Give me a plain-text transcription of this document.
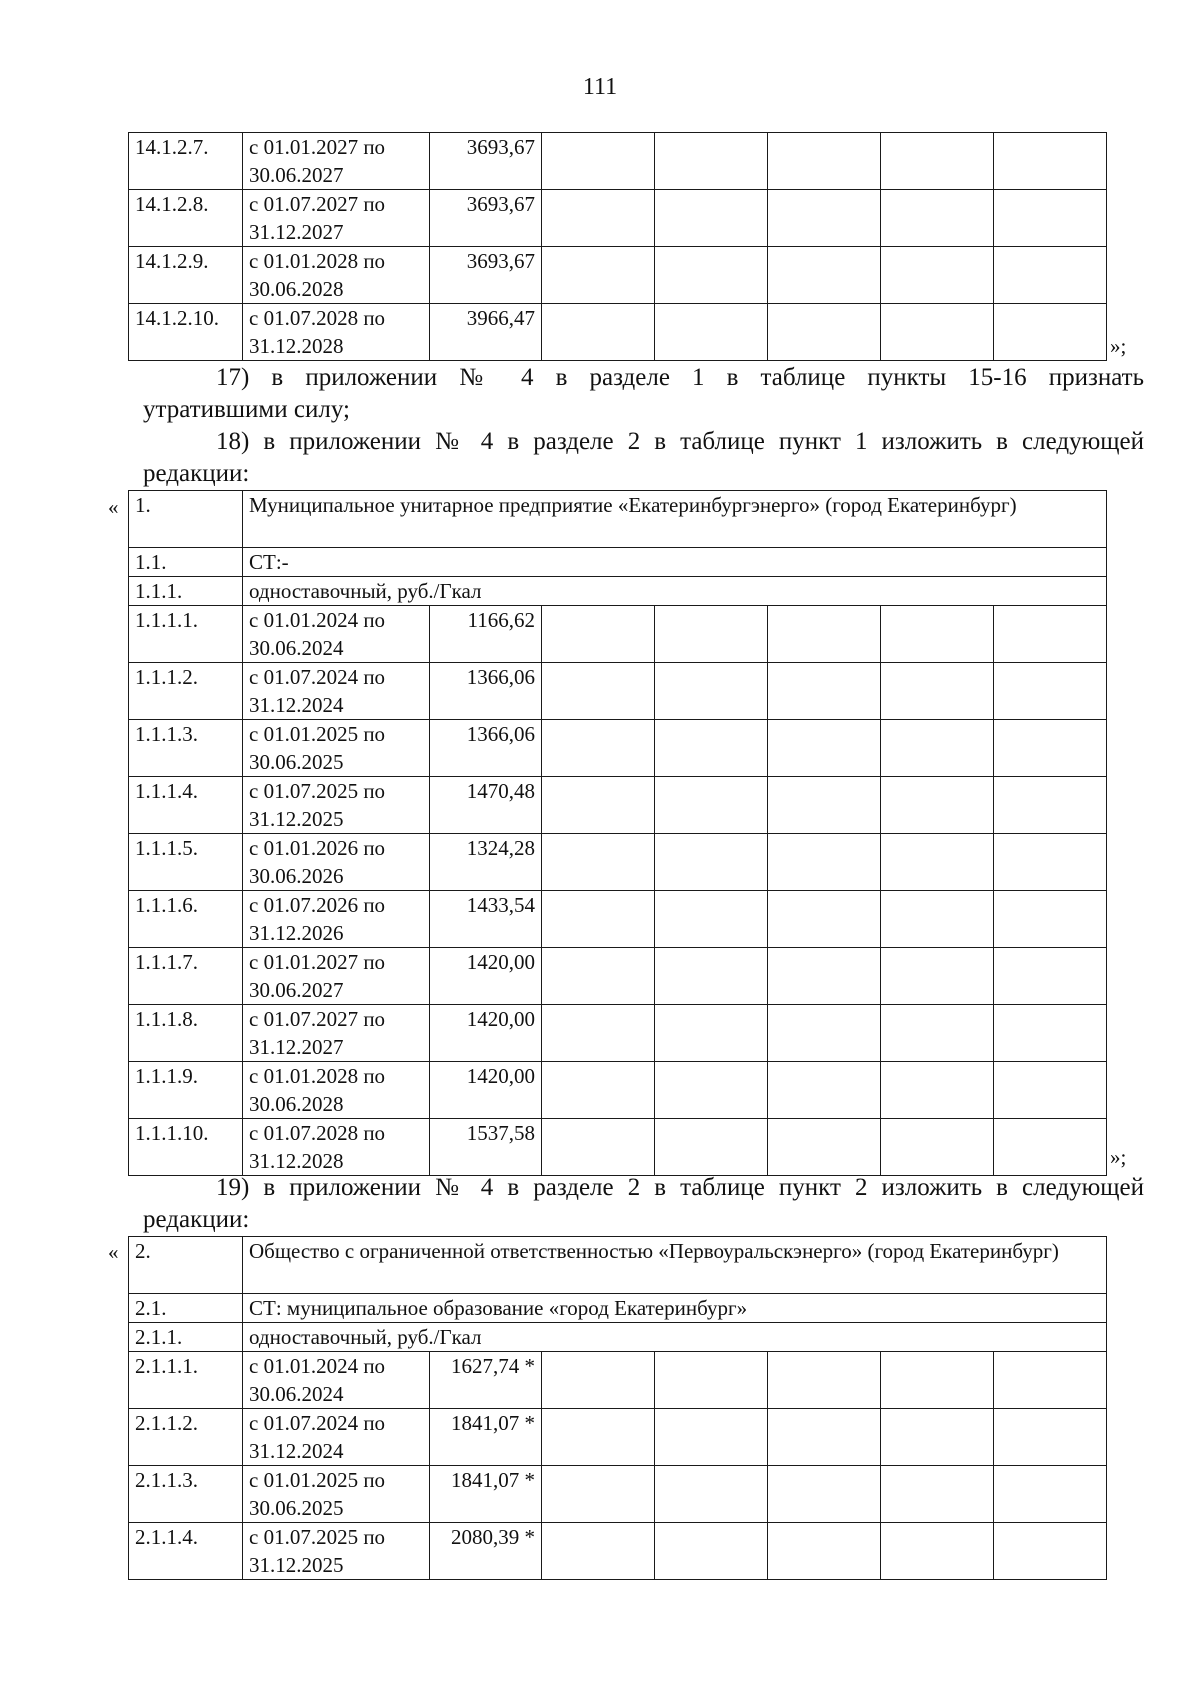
111
14.1.2.7.	с 01.01.2027 по
30.06.2027	3693,67					
14.1.2.8.	с 01.07.2027 по
31.12.2027	3693,67					
14.1.2.9.	с 01.01.2028 по
30.06.2028	3693,67					
14.1.2.10.	с 01.07.2028 по
31.12.2028	3966,47					
»;
17) в приложении № 4 в разделе 1 в таблице пункты 15-16 признать
утратившими силу;
18) в приложении № 4 в разделе 2 в таблице пункт 1 изложить в следующей
редакции:
« 1.	Муниципальное унитарное предприятие «Екатеринбургэнерго» (город Екатеринбург)						
1.1.	СТ:-						
1.1.1.	одноставочный, руб./Гкал						
1.1.1.1.	с 01.01.2024 по
30.06.2024	1166,62					
1.1.1.2.	с 01.07.2024 по
31.12.2024	1366,06					
1.1.1.3.	с 01.01.2025 по
30.06.2025	1366,06					
1.1.1.4.	с 01.07.2025 по
31.12.2025	1470,48					
1.1.1.5.	с 01.01.2026 по
30.06.2026	1324,28					
1.1.1.6.	с 01.07.2026 по
31.12.2026	1433,54					
1.1.1.7.	с 01.01.2027 по
30.06.2027	1420,00					
1.1.1.8.	с 01.07.2027 по
31.12.2027	1420,00					
1.1.1.9.	с 01.01.2028 по
30.06.2028	1420,00					
1.1.1.10.	с 01.07.2028 по
31.12.2028	1537,58					
»;
19) в приложении № 4 в разделе 2 в таблице пункт 2 изложить в следующей
редакции:
« 2.	Общество с ограниченной ответственностью «Первоуральскэнерго» (город Екатеринбург)						
2.1.	СТ: муниципальное образование «город Екатеринбург»						
2.1.1.	одноставочный, руб./Гкал						
2.1.1.1.	с 01.01.2024 по
30.06.2024	1627,74 *					
2.1.1.2.	с 01.07.2024 по
31.12.2024	1841,07 *					
2.1.1.3.	с 01.01.2025 по
30.06.2025	1841,07 *					
2.1.1.4.	с 01.07.2025 по
31.12.2025	2080,39 *					
